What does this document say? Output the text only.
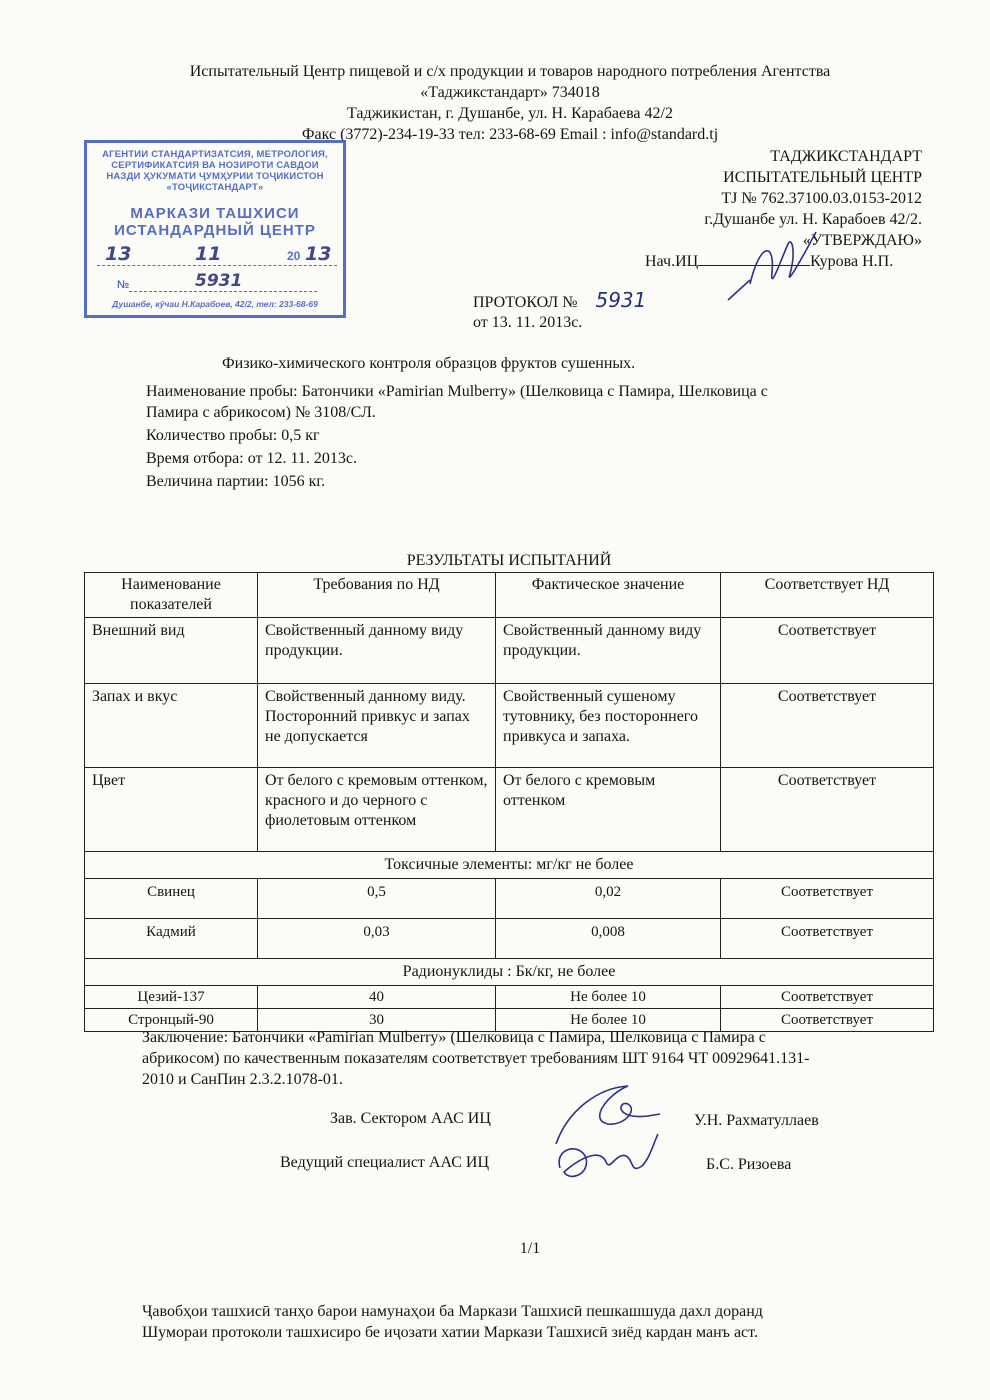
Испытательный Центр пищевой и с/х продукции и товаров народного потребления Агентства
«Таджикстандарт» 734018
Таджикистан, г. Душанбе, ул. Н. Карабаева 42/2
Факс (3772)-234-19-33 тел: 233-68-69 Email : info@standard.tj
АГЕНТИИ СТАНДАРТИЗАТСИЯ, МЕТРОЛОГИЯ,
СЕРТИФИКАТСИЯ ВА НОЗИРОТИ САВДОИ
НАЗДИ ҲУКУМАТИ ҶУМҲУРИИ ТОҶИКИСТОН
«ТОҶИКСТАНДАРТ»
МАРКАЗИ ТАШХИСИ
ИСТАНДАРДНЫЙ ЦЕНТР
13	11	20 13
№	5931
Душанбе, кӯчаи Н.Карабоев, 42/2, тел: 233-68-69
ТАДЖИКСТАНДАРТ
ИСПЫТАТЕЛЬНЫЙ ЦЕНТР
TJ № 762.37100.03.0153-2012
г.Душанбе ул. Н. Карабоев 42/2.
«УТВЕРЖДАЮ»
Нач.ИЦ	Курова Н.П.
ПРОТОКОЛ № 5931
от 13. 11. 2013с.
Физико-химического контроля образцов фруктов сушенных.
Наименование пробы: Батончики «Pamirian Mulberry» (Шелковица с Памира, Шелковица с
Памира с абрикосом) № 3108/СЛ.
Количество пробы: 0,5 кг
Время отбора: от 12. 11. 2013с.
Величина партии: 1056 кг.
РЕЗУЛЬТАТЫ ИСПЫТАНИЙ
Наименование показателей	Требования по НД	Фактическое значение	Соответствует НД
Внешний вид	Свойственный данному виду продукции.	Свойственный данному виду продукции.	Соответствует
Запах и вкус	Свойственный данному виду. Посторонний привкус и запах не допускается	Свойственный сушеному тутовнику, без постороннего привкуса и запаха.	Соответствует
Цвет	От белого с кремовым оттенком, красного и до черного с фиолетовым оттенком	От белого с кремовым оттенком	Соответствует
Токсичные элементы: мг/кг не более			
Свинец	0,5	0,02	Соответствует
Кадмий	0,03	0,008	Соответствует
Радионуклиды : Бк/кг, не более			
Цезий-137	40	Не более 10	Соответствует
Стронцый-90	30	Не более 10	Соответствует
Заключение: Батончики «Pamirian Mulberry» (Шелковица с Памира, Шелковица с Памира с
абрикосом) по качественным показателям соответствует требованиям ШТ 9164 ЧТ 00929641.131-
2010 и СанПин 2.3.2.1078-01.
Зав. Сектором ААС ИЦ	У.Н. Рахматуллаев
Ведущий специалист ААС ИЦ	Б.С. Ризоева
1/1
Ҷавобҳои ташхисӣ танҳо барои намунаҳои ба Маркази Ташхисӣ пешкашшуда дахл доранд
Шумораи протоколи ташхисиро бе иҷозати хатии Маркази Ташхисӣ зиёд кардан манъ аст.
